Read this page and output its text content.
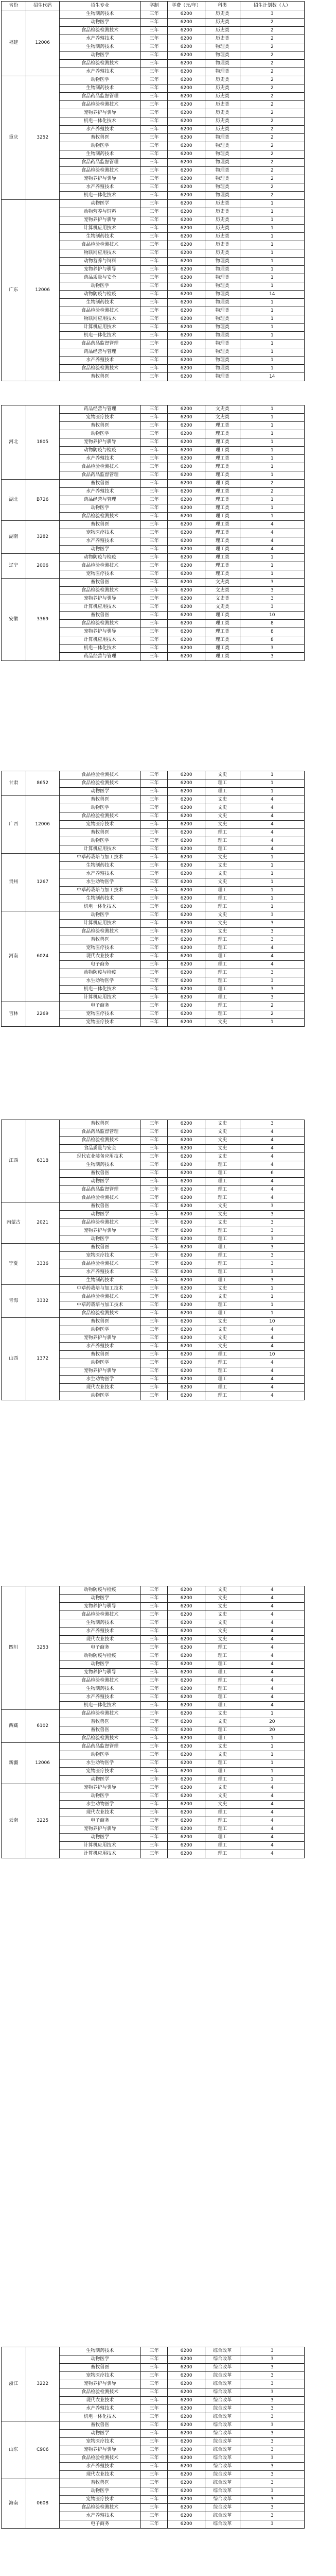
省份	招生代码	招生专业	学制	学费（元/年）	科类	招生计划数（人）
福建	12006	生物制药技术	三年	6200	历史类	3
		动物医学	三年	6200	历史类	2
		食品检验检测技术	三年	6200	历史类	2
		水产养殖技术	三年	6200	历史类	2
		生物制药技术	三年	6200	物理类	2
		动物医学	三年	6200	物理类	2
		食品检验检测技术	三年	6200	物理类	2
		水产养殖技术	三年	6200	物理类	2
重庆	3252	动物医学	三年	6200	历史类	2
		生物制药技术	三年	6200	历史类	2
		食品药品监督管理	三年	6200	历史类	2
		食品检验检测技术	三年	6200	历史类	2
		宠物养护与驯导	三年	6200	历史类	2
		机电一体化技术	三年	6200	历史类	2
		水产养殖技术	三年	6200	历史类	2
		畜牧兽医	三年	6200	物理类	2
		动物医学	三年	6200	物理类	2
		生物制药技术	三年	6200	物理类	2
		食品药品监督管理	三年	6200	物理类	2
		食品检验检测技术	三年	6200	物理类	2
		宠物养护与驯导	三年	6200	物理类	2
		水产养殖技术	三年	6200	物理类	2
		机电一体化技术	三年	6200	物理类	2
广东	12006	动物医学	三年	6200	历史类	1
		动物营养与饲料	三年	6200	历史类	1
		宠物养护与驯导	三年	6200	历史类	1
		计算机应用技术	三年	6200	历史类	1
		生物制药技术	三年	6200	历史类	1
		食品检验检测技术	三年	6200	历史类	1
		物联网应用技术	三年	6200	历史类	1
		动物营养与饲料	三年	6200	物理类	1
		宠物养护与驯导	三年	6200	物理类	1
		药品质量与安全	三年	6200	物理类	1
		动物医学	三年	6200	物理类	1
		动物防疫与检疫	三年	6200	物理类	14
		生物制药技术	三年	6200	物理类	1
		食品检验检测技术	三年	6200	物理类	1
		物联网应用技术	三年	6200	物理类	1
		计算机应用技术	三年	6200	物理类	1
		机电一体化技术	三年	6200	物理类	1
		食品药品监督管理	三年	6200	物理类	1
		药品经营与管理	三年	6200	物理类	1
		水产养殖技术	三年	6200	物理类	1
		食品检验检测技术	三年	6200	物理类	1
		畜牧兽医	三年	6200	物理类	14
河北	1805	药品经营与管理	三年	6200	文史类	1
		宠物医疗技术	三年	6200	文史类	1
		畜牧兽医	三年	6200	理工类	1
		动物医学	三年	6200	理工类	1
		宠物养护与驯导	三年	6200	理工类	1
		动物防疫与检疫	三年	6200	理工类	1
		水产养殖技术	三年	6200	理工类	1
		食品检验检测技术	三年	6200	理工类	1
		食品药品监督管理	三年	6200	理工类	1
湖北	B726	畜牧兽医	三年	6200	理工类	2
		水产养殖技术	三年	6200	理工类	2
		药品经营与管理	三年	6200	理工类	1
		动物医学	三年	6200	理工类	1
		食品检验检测技术	三年	6200	理工类	1
湖南	3282	畜牧兽医	三年	6200	理工类	4
		宠物医疗技术	三年	6200	理工类	4
		水产养殖技术	三年	6200	理工类	4
		动物医学	三年	6200	理工类	4
辽宁	2006	动物防疫与检疫	三年	6200	理工类	1
		食品检验检测技术	三年	6200	理工类	1
		宠物医疗技术	三年	6200	理工类	1
安徽	3369	畜牧兽医	三年	6200	文史类	3
		食品检验检测技术	三年	6200	文史类	3
		宠物养护与驯导	三年	6200	文史类	3
		计算机应用技术	三年	6200	文史类	3
		畜牧兽医	三年	6200	理工类	10
		食品检验检测技术	三年	6200	理工类	8
		宠物养护与驯导	三年	6200	理工类	8
		计算机应用技术	三年	6200	理工类	8
		机电一体化技术	三年	6200	理工类	3
		药品经营与管理	三年	6200	理工类	3
甘肃	8652	食品检验检测技术	三年	6200	文史	1
		食品检验检测技术	三年	6200	理工	1
		动物医学	三年	6200	理工	1
广西	12006	畜牧兽医	三年	6200	文史	4
		动物医学	三年	6200	文史	4
		食品检验检测技术	三年	6200	文史	4
		宠物医疗技术	三年	6200	文史	4
		畜牧兽医	三年	6200	理工	4
		动物医学	三年	6200	理工	4
		计算机应用技术	三年	6200	理工	4
贵州	1267	中草药栽培与加工技术	三年	6200	文史	1
		生物制药技术	三年	6200	文史	1
		水产养殖技术	三年	6200	文史	1
		水生动物医学	三年	6200	文史	1
		中草药栽培与加工技术	三年	6200	理工	1
		生物制药技术	三年	6200	理工	1
		机电一体化技术	三年	6200	理工	1
河南	6024	动物医学	三年	6200	文史	3
		计算机应用技术	三年	6200	文史	3
		食品检验检测技术	三年	6200	文史	3
		畜牧兽医	三年	6200	理工	3
		宠物医疗技术	三年	6200	理工	4
		现代农业技术	三年	6200	理工	4
		电子商务	三年	6200	理工	4
		动物防疫与检疫	三年	6200	理工	3
		水生动物医学	三年	6200	理工	3
		机电一体化技术	三年	6200	理工	3
		计算机应用技术	三年	6200	理工	3
吉林	2269	电子商务	三年	6200	理工	2
		宠物医疗技术	三年	6200	理工	2
		宠物医疗技术	三年	6200	文史	1
江西	6318	畜牧兽医	三年	6200	文史	3
		食品药品监督管理	三年	6200	文史	4
		食品检验检测技术	三年	6200	文史	4
		食品质量与安全	三年	6200	文史	4
		现代农业装备应用技术	三年	6200	文史	4
		生物制药技术	三年	6200	理工	4
		畜牧兽医	三年	6200	理工	6
		动物医学	三年	6200	理工	4
		食品药品监督管理	三年	6200	理工	4
		食品检验检测技术	三年	6200	理工	4
内蒙古	2021	畜牧兽医	三年	6200	文史	3
		动物医学	三年	6200	文史	3
		食品检验检测技术	三年	6200	文史	3
		宠物养护与驯导	三年	6200	理工	3
		动物医学	三年	6200	理工	3
宁夏	3336	畜牧兽医	三年	6200	理工	3
		宠物医疗技术	三年	6200	理工	3
		食品检验检测技术	三年	6200	理工	3
		水产养殖技术	三年	6200	理工	3
		生物制药技术	三年	6200	理工	3
青海	3332	中草药栽培与加工技术	三年	6200	文史	1
		食品检验检测技术	三年	6200	文史	1
		中草药栽培与加工技术	三年	6200	理工	1
		食品检验检测技术	三年	6200	理工	1
山西	1372	畜牧兽医	三年	6200	文史	10
		动物医学	三年	6200	文史	4
		宠物养护与驯导	三年	6200	文史	4
		水产养殖技术	三年	6200	文史	4
		畜牧兽医	三年	6200	理工	10
		动物医学	三年	6200	理工	4
		宠物养护与驯导	三年	6200	理工	4
		水生动物医学	三年	6200	理工	4
		现代农业技术	三年	6200	理工	4
		动物医学	三年	6200	理工	4
四川	3253	动物防疫与检疫	三年	6200	文史	4
		动物医学	三年	6200	文史	4
		宠物养护与驯导	三年	6200	文史	4
		食品检验检测技术	三年	6200	文史	4
		生物制药技术	三年	6200	文史	4
		水产养殖技术	三年	6200	文史	4
		现代农业技术	三年	6200	文史	4
		电子商务	三年	6200	理工	4
		动物防疫与检疫	三年	6200	理工	4
		动物医学	三年	6200	理工	4
		宠物养护与驯导	三年	6200	理工	4
		食品检验检测技术	三年	6200	理工	4
		生物制药技术	三年	6200	理工	4
		水产养殖技术	三年	6200	理工	4
		机电一体化技术	三年	6200	理工	4
西藏	6102	食品检验检测技术	三年	6200	文史	1
		畜牧兽医	三年	6200	文史	20
		畜牧兽医	三年	6200	理工	20
		食品检验检测技术	三年	6200	理工	1
新疆	12006	食品药品监督管理	三年	6200	文史	1
		动物医学	三年	6200	文史	1
		水生动物医学	三年	6200	理工	1
		宠物医疗技术	三年	6200	理工	1
		动物医学	三年	6200	理工	1
云南	3225	宠物养护与驯导	三年	6200	文史	4
		动物医学	三年	6200	文史	4
		水生动物医学	三年	6200	文史	4
		现代农业技术	三年	6200	理工	4
		电子商务	三年	6200	理工	4
		宠物养护与驯导	三年	6200	理工	4
		动物医学	三年	6200	理工	4
		计算机应用技术	三年	6200	理工	4
		计算机应用技术	三年	6200	理工	4
浙江	3222	生物制药技术	三年	6200	综合改革	3
		动物医学	三年	6200	综合改革	3
		畜牧兽医	三年	6200	综合改革	3
		宠物医疗技术	三年	6200	综合改革	3
		宠物养护与驯导	三年	6200	综合改革	3
		食品检验检测技术	三年	6200	综合改革	3
		现代农业技术	三年	6200	综合改革	3
		水产养殖技术	三年	6200	综合改革	3
		机电一体化技术	三年	6200	综合改革	3
山东	C906	畜牧兽医	三年	6200	综合改革	3
		动物医学	三年	6200	综合改革	3
		宠物医疗技术	三年	6200	综合改革	3
		宠物养护与驯导	三年	6200	综合改革	3
		食品检验检测技术	三年	6200	综合改革	3
		水产养殖技术	三年	6200	综合改革	3
		现代农业技术	三年	6200	综合改革	3
海南	0608	畜牧兽医	三年	6200	综合改革	3
		动物医学	三年	6200	综合改革	3
		宠物医疗技术	三年	6200	综合改革	3
		食品检验检测技术	三年	6200	综合改革	3
		水产养殖技术	三年	6200	综合改革	3
		电子商务	三年	6200	综合改革	3
